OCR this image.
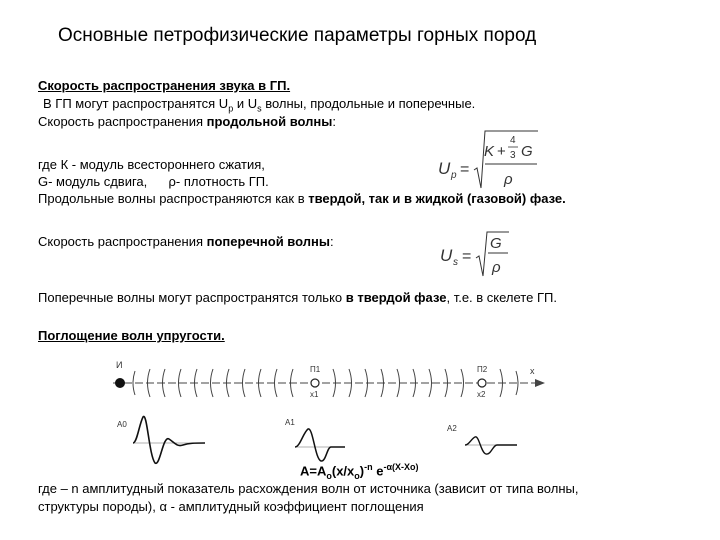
Основные петрофизические параметры горных пород
Скорость распространения звука в ГП.
В ГП могут распространятся $U_p$ и $U_s$ волны, продольные и поперечные.
Скорость распространения продольной волны:
где К - модуль всестороннего сжатия,
G- модуль сдвига, ρ- плотность ГП.
Продольные волны распространяются как в твердой, так и в жидкой (газовой) фазе.
U p =
K +
4
3 G
ρ
Скорость распространения поперечной волны:
U s =
G
ρ
Поперечные волны могут распространятся только в твердой фазе, т.е. в скелете ГП.
Поглощение волн упругости.
И
x
П1
x1
П2
x2
A0	A1
A2
$A=A_o(x/x_o)^{-n}$ $e^{-\alpha(X-Xo)}$
где – n амплитудный показатель расхождения волн от источника (зависит от типа волны,
структуры породы), α - амплитудный коэффициент поглощения
